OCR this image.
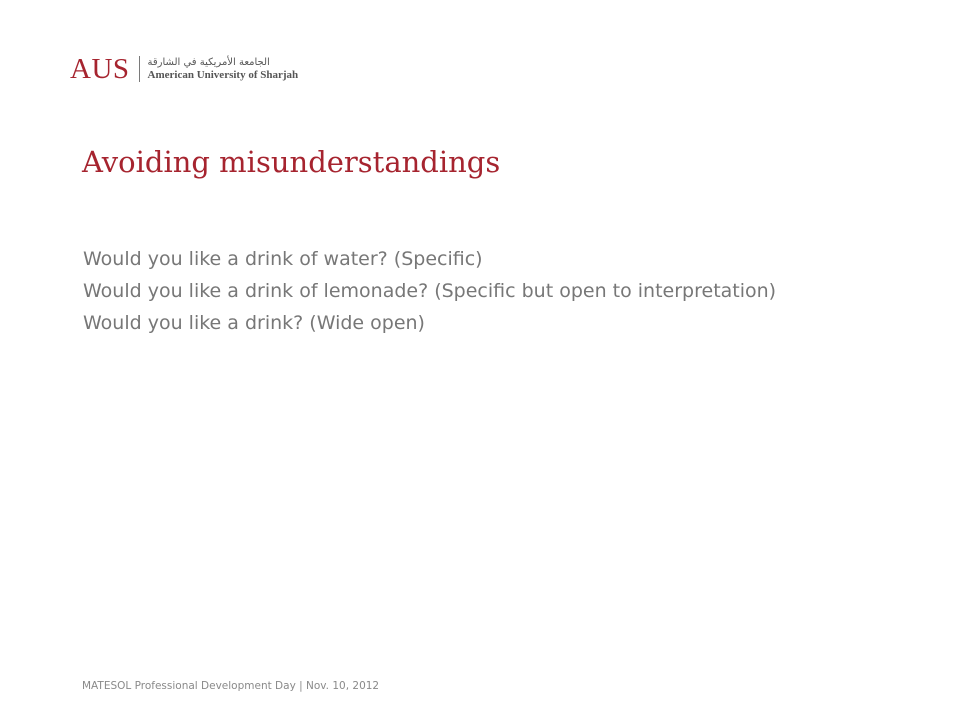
AUS الجامعة الأمريكية في الشارقة
American University of Sharjah
Avoiding misunderstandings
Would you like a drink of water? (Specific)
Would you like a drink of lemonade? (Specific but open to interpretation)
Would you like a drink? (Wide open)
MATESOL Professional Development Day | Nov. 10, 2012
